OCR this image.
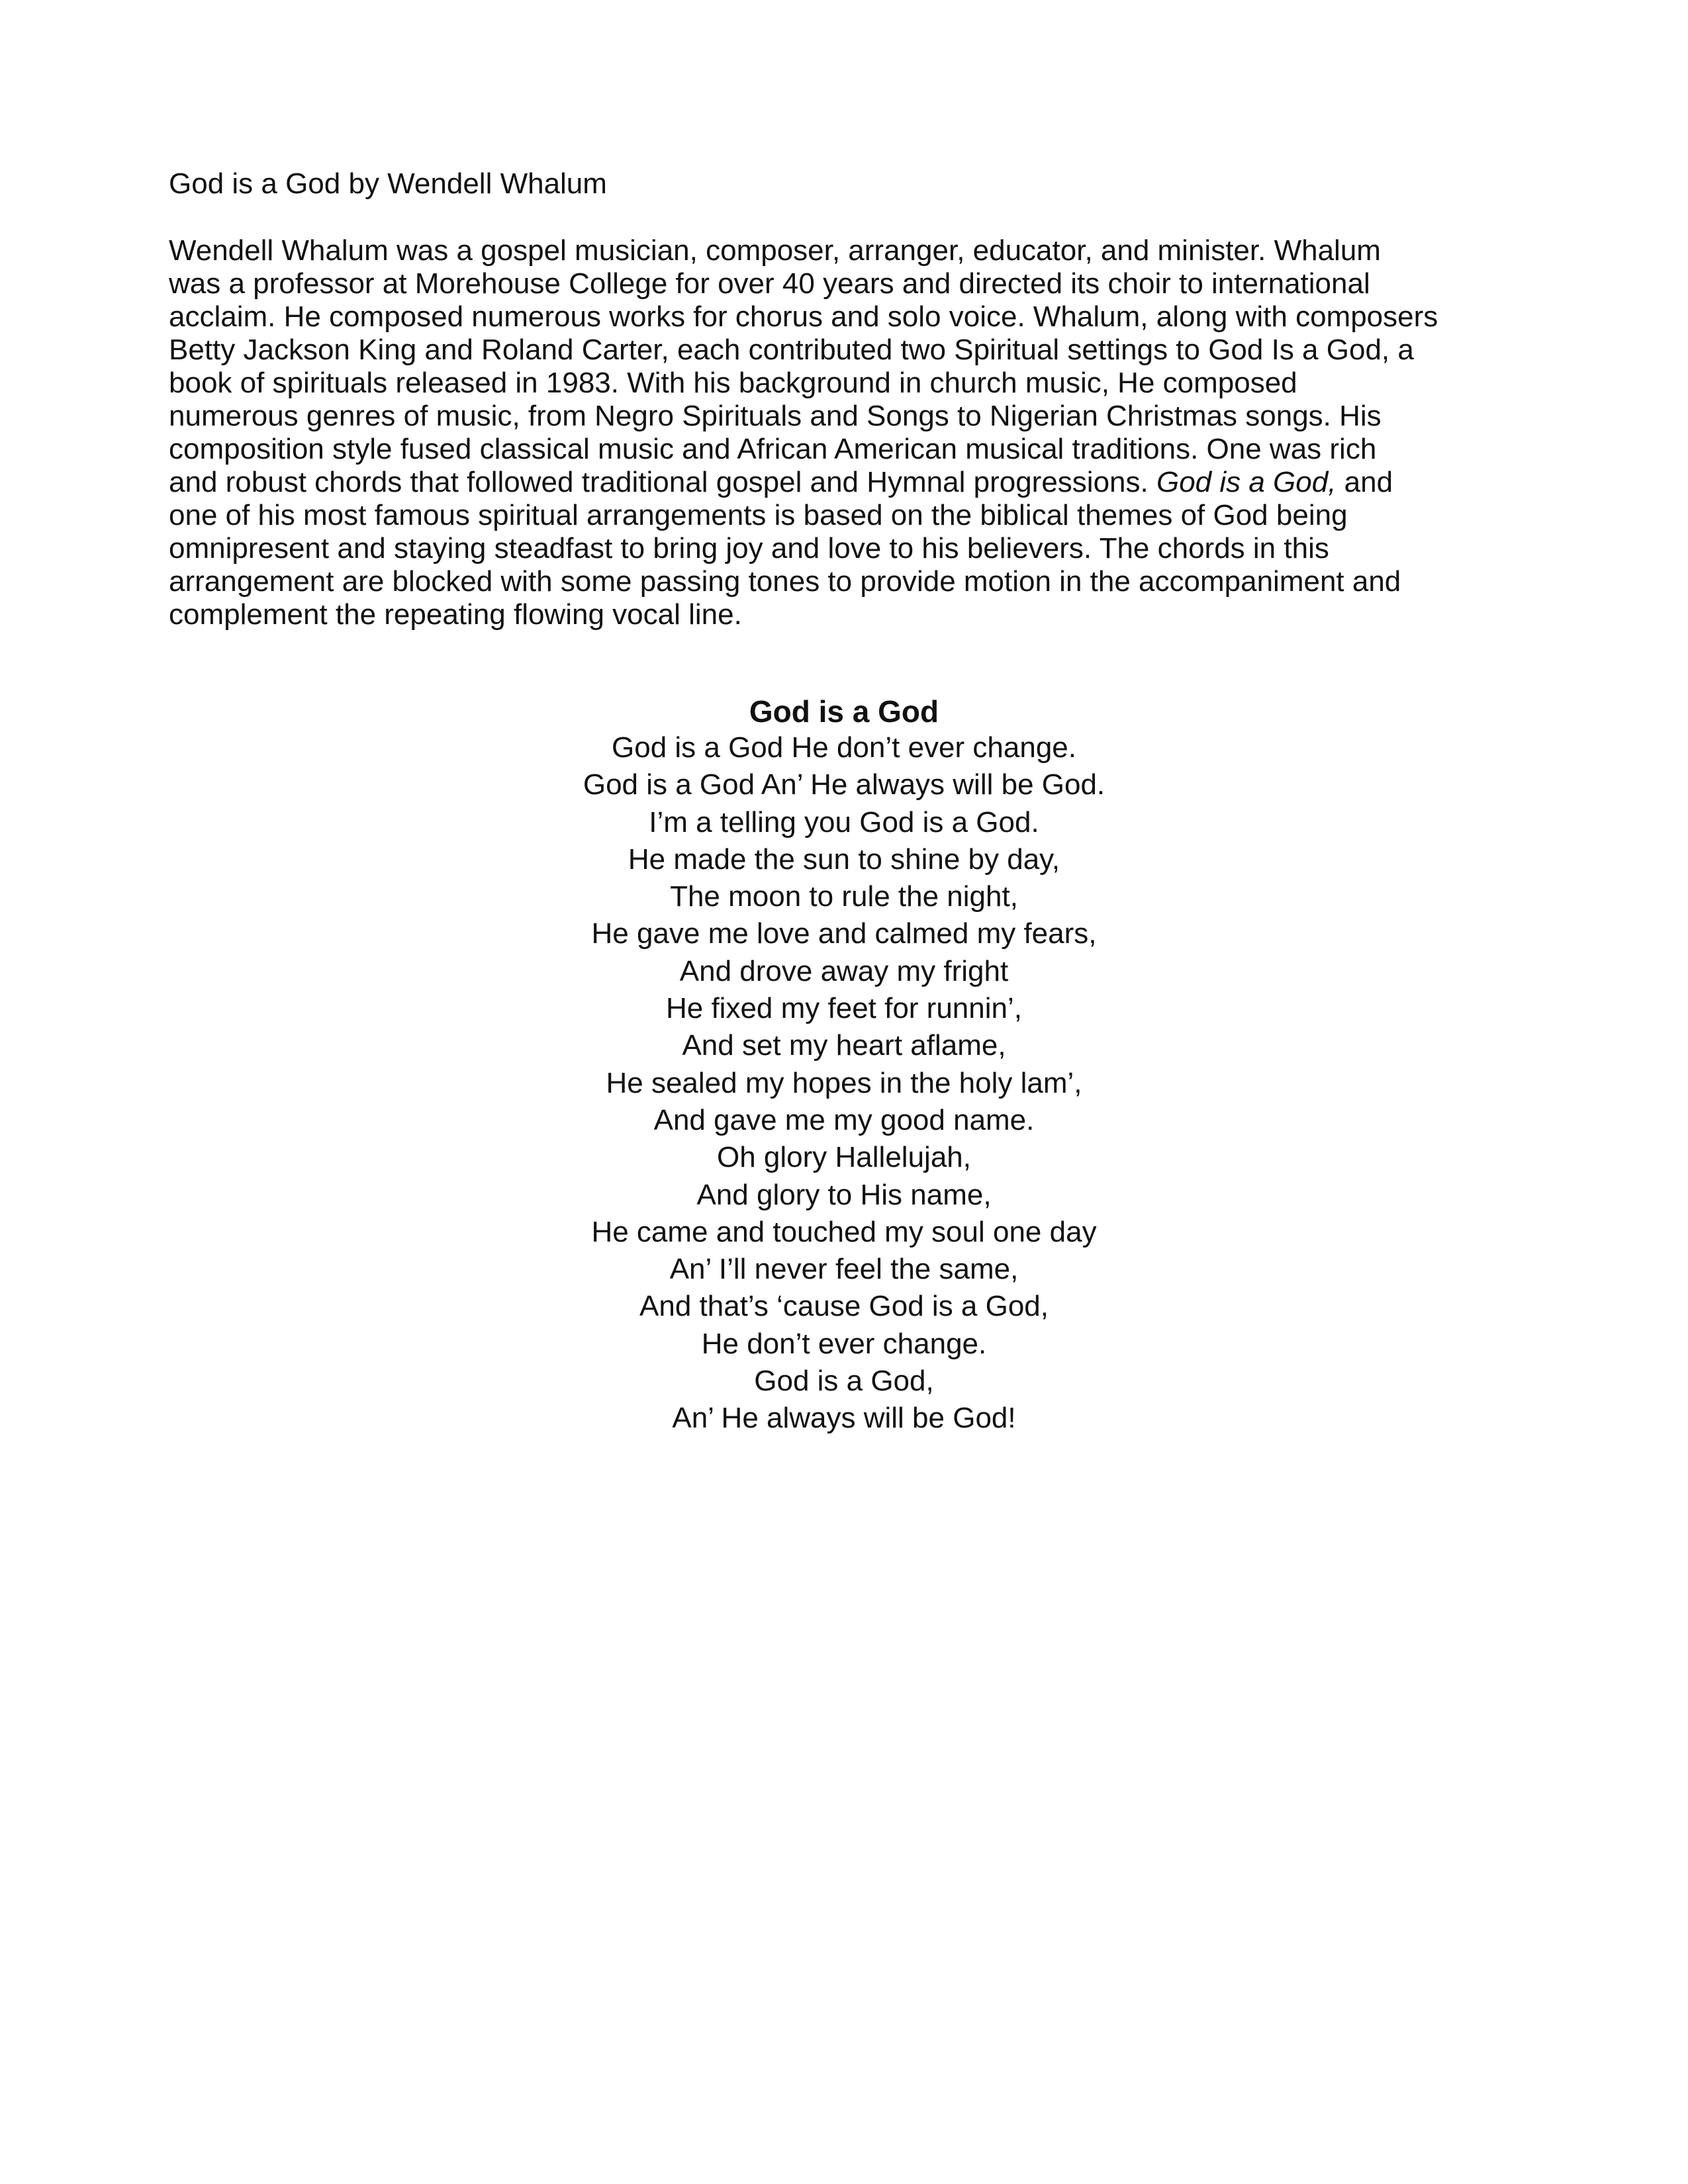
God is a God by Wendell Whalum
Wendell Whalum was a gospel musician, composer, arranger, educator, and minister. Whalum
was a professor at Morehouse College for over 40 years and directed its choir to international
acclaim. He composed numerous works for chorus and solo voice. Whalum, along with composers
Betty Jackson King and Roland Carter, each contributed two Spiritual settings to God Is a God, a
book of spirituals released in 1983. With his background in church music, He composed
numerous genres of music, from Negro Spirituals and Songs to Nigerian Christmas songs. His
composition style fused classical music and African American musical traditions. One was rich
and robust chords that followed traditional gospel and Hymnal progressions. God is a God, and
one of his most famous spiritual arrangements is based on the biblical themes of God being
omnipresent and staying steadfast to bring joy and love to his believers. The chords in this
arrangement are blocked with some passing tones to provide motion in the accompaniment and
complement the repeating flowing vocal line.
God is a God
God is a God He don’t ever change.
God is a God An’ He always will be God.
I’m a telling you God is a God.
He made the sun to shine by day,
The moon to rule the night,
He gave me love and calmed my fears,
And drove away my fright
He fixed my feet for runnin’,
And set my heart aflame,
He sealed my hopes in the holy lam’,
And gave me my good name.
Oh glory Hallelujah,
And glory to His name,
He came and touched my soul one day
An’ I’ll never feel the same,
And that’s ‘cause God is a God,
He don’t ever change.
God is a God,
An’ He always will be God!
